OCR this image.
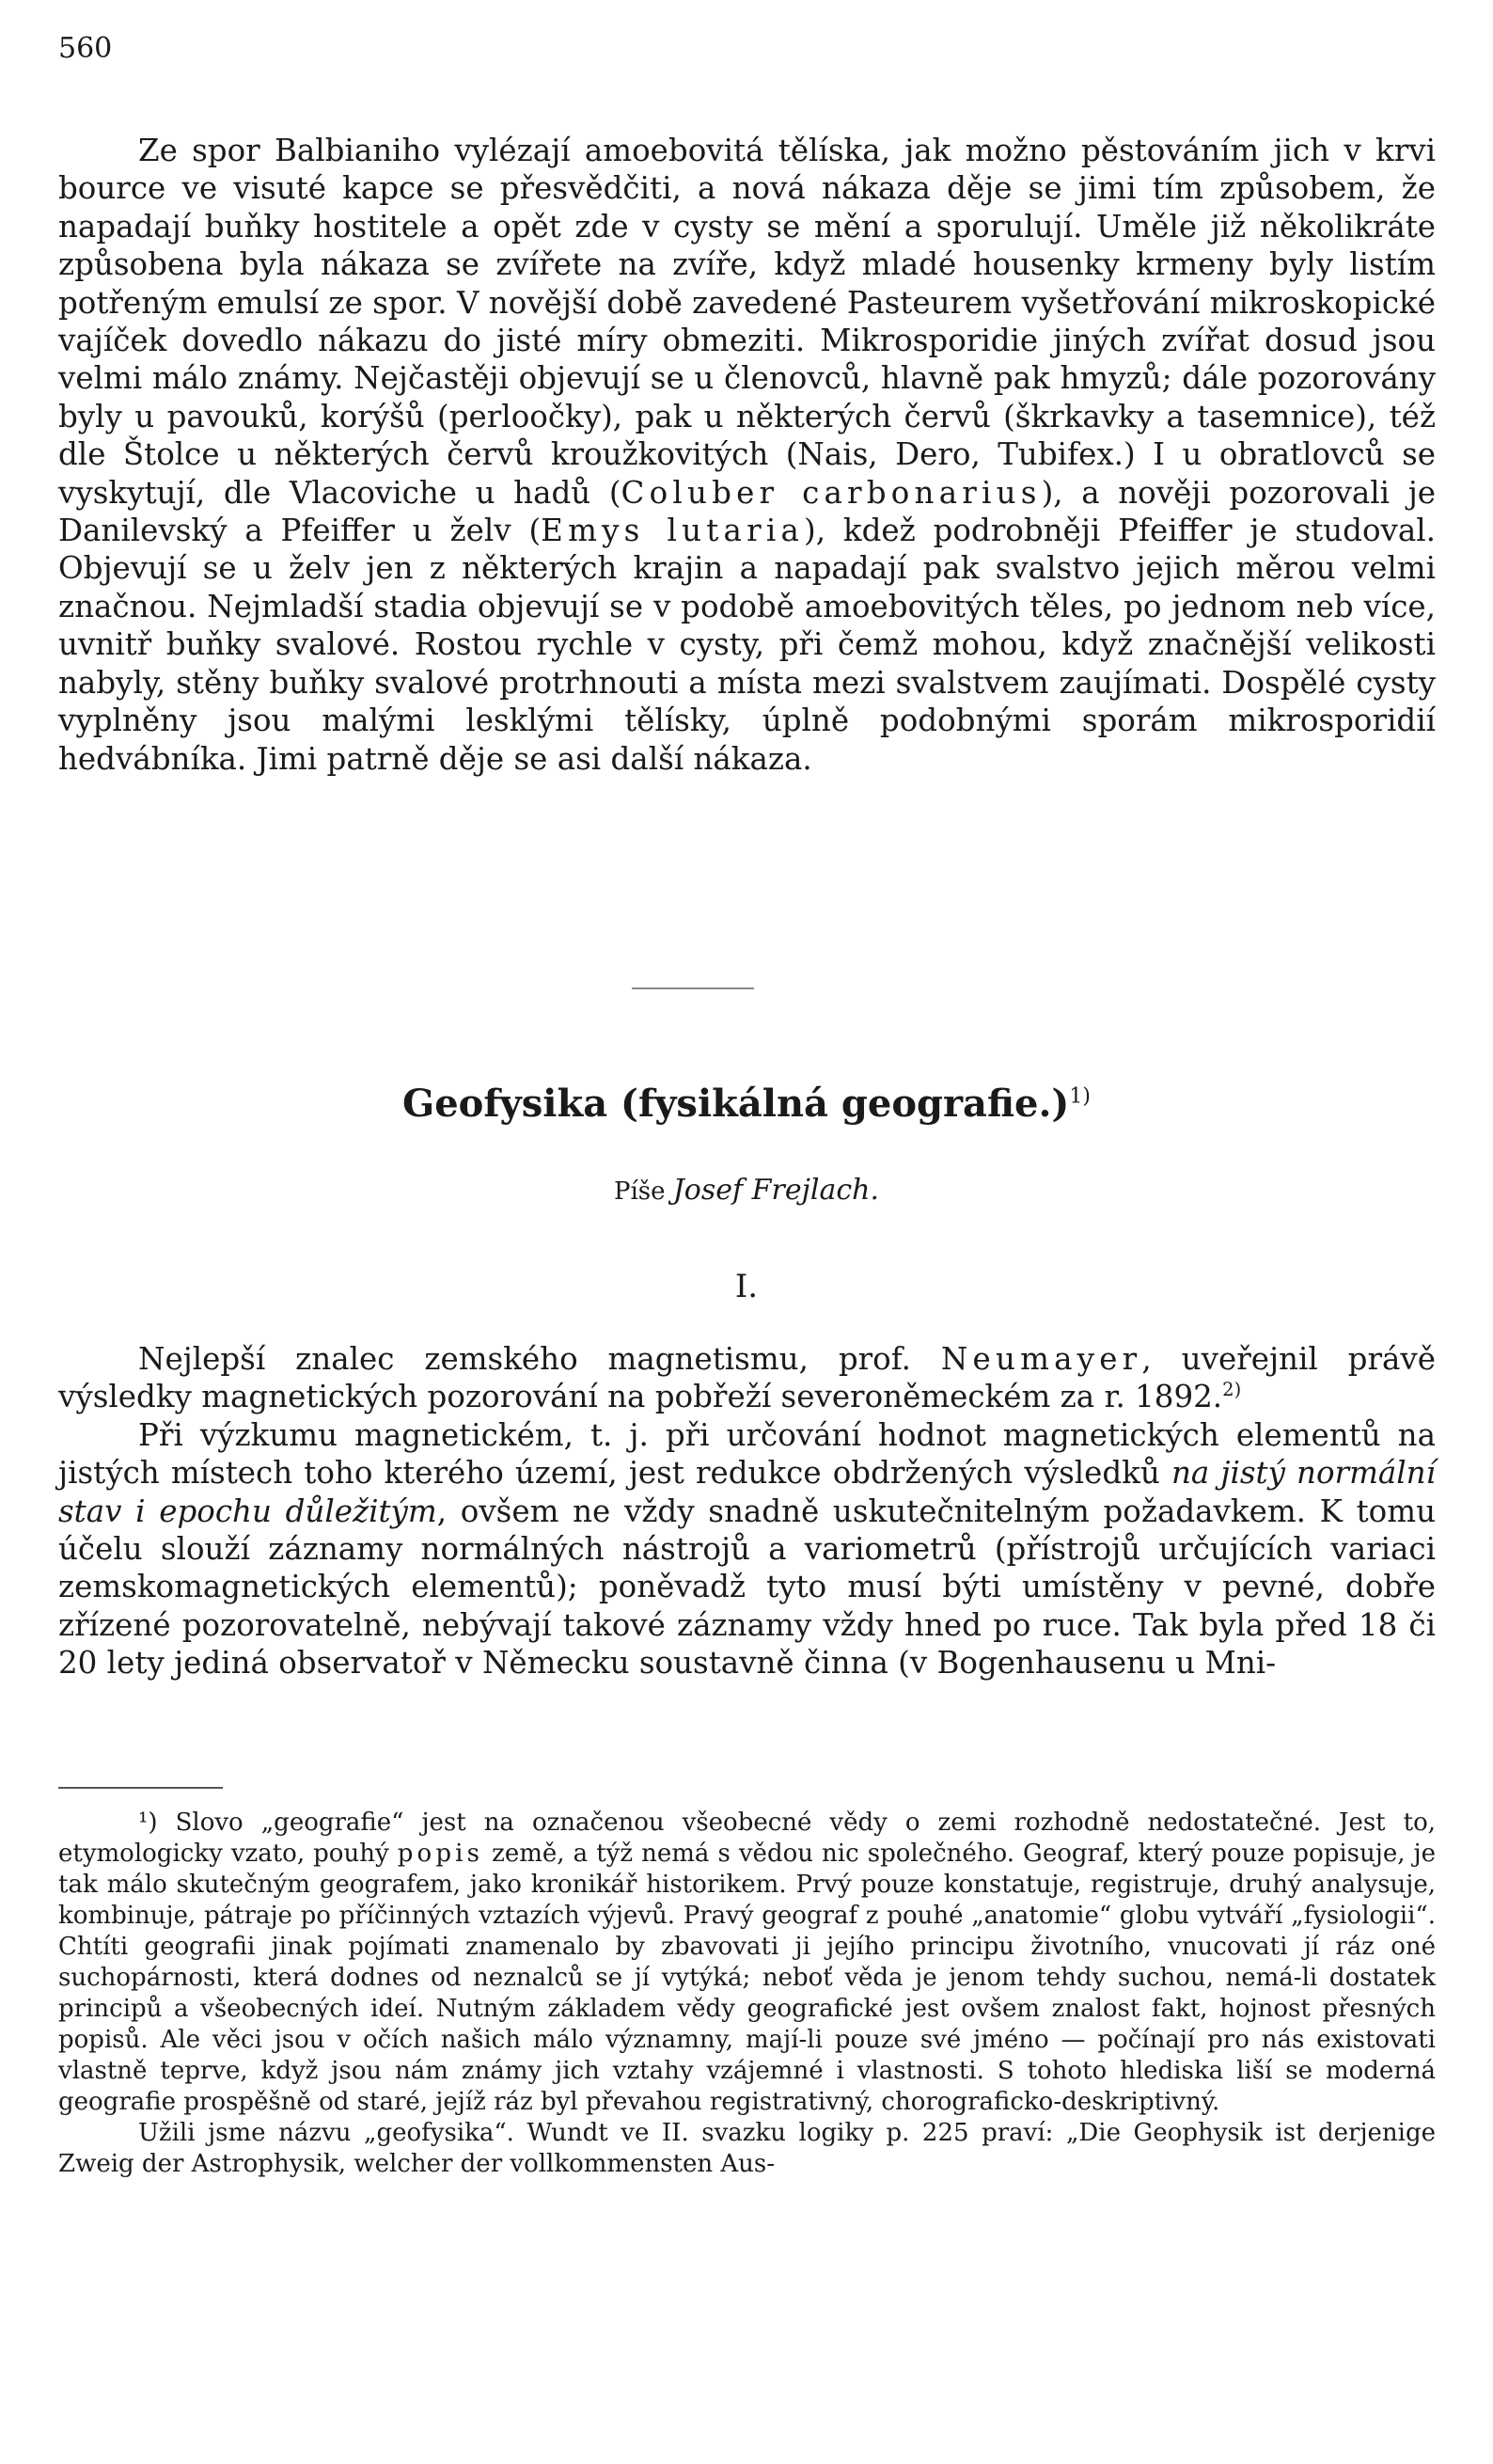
560

Ze spor Balbianiho vylézají amoebovitá tělíska, jak možno pěstováním jich v krvi bource ve visuté kapce se přesvědčiti, a nová nákaza děje se jimi tím způsobem, že napadají buňky hostitele a opět zde v cysty se mění a sporulují. Uměle již několikráte způsobena byla nákaza se zvířete na zvíře, když mladé housenky krmeny byly listím potřeným emulsí ze spor. V novější době zavedené Pasteurem vyšetřování mikroskopické vajíček dovedlo nákazu do jisté míry obmeziti. Mikrosporidie jiných zvířat dosud jsou velmi málo známy. Nejčastěji objevují se u členovců, hlavně pak hmyzů; dále pozorovány byly u pavouků, korýšů (perloočky), pak u některých červů (škrkavky a tasemnice), též dle Štolce u některých červů kroužkovitých (Nais, Dero, Tubifex.) I u obratlovců se vyskytují, dle Vlacoviche u hadů (Coluber carbonarius), a nověji pozorovali je Danilevský a Pfeiffer u želv (Emys lutaria), kdež podrobněji Pfeiffer je studoval. Objevují se u želv jen z některých krajin a napadají pak svalstvo jejich měrou velmi značnou. Nejmladší stadia objevují se v podobě amoebovitých těles, po jednom neb více, uvnitř buňky svalové. Rostou rychle v cysty, při čemž mohou, když značnější velikosti nabyly, stěny buňky svalové protrhnouti a místa mezi svalstvem zaujímati. Dospělé cysty vyplněny jsou malými lesklými tělísky, úplně podobnými sporám mikrosporidií hedvábníka. Jimi patrně děje se asi další nákaza.

Geofysika (fysikálná geografie.)$^{1)}$
Píše Josef Frejlach.
I.

Nejlepší znalec zemského magnetismu, prof. Neumayer, uveřejnil právě výsledky magnetických pozorování na pobřeží severoněmeckém za r. 1892.$^{2)}$

Při výzkumu magnetickém, t. j. při určování hodnot magnetických elementů na jistých místech toho kterého území, jest redukce obdržených výsledků na jistý normální stav i epochu důležitým, ovšem ne vždy snadně uskutečnitelným požadavkem. K tomu účelu slouží záznamy normálných nástrojů a variometrů (přístrojů určujících variaci zemskomagnetických elementů); poněvadž tyto musí býti umístěny v pevné, dobře zřízené pozorovatelně, nebývají takové záznamy vždy hned po ruce. Tak byla před 18 či 20 lety jediná observatoř v Německu soustavně činna (v Bogenhausenu u Mni-

¹) Slovo „geografie“ jest na označenou všeobecné vědy o zemi rozhodně nedostatečné. Jest to, etymologicky vzato, pouhý popis země, a týž nemá s vědou nic společného. Geograf, který pouze popisuje, je tak málo skutečným geografem, jako kronikář historikem. Prvý pouze konstatuje, registruje, druhý analysuje, kombinuje, pátraje po příčinných vztazích výjevů. Pravý geograf z pouhé „anatomie“ globu vytváří „fysiologii“. Chtíti geografii jinak pojímati znamenalo by zbavovati ji jejího principu životního, vnucovati jí ráz oné suchopárnosti, která dodnes od neznalců se jí vytýká; neboť věda je jenom tehdy suchou, nemá-li dostatek principů a všeobecných ideí. Nutným základem vědy geografické jest ovšem znalost fakt, hojnost přesných popisů. Ale věci jsou v očích našich málo významny, mají-li pouze své jméno — počínají pro nás existovati vlastně teprve, když jsou nám známy jich vztahy vzájemné i vlastnosti. S tohoto hlediska liší se moderná geografie prospěšně od staré, jejíž ráz byl převahou registrativný, chorograficko-deskriptivný.

Užili jsme názvu „geofysika“. Wundt ve II. svazku logiky p. 225 praví: „Die Geophysik ist derjenige Zweig der Astrophysik, welcher der vollkommensten Aus-
